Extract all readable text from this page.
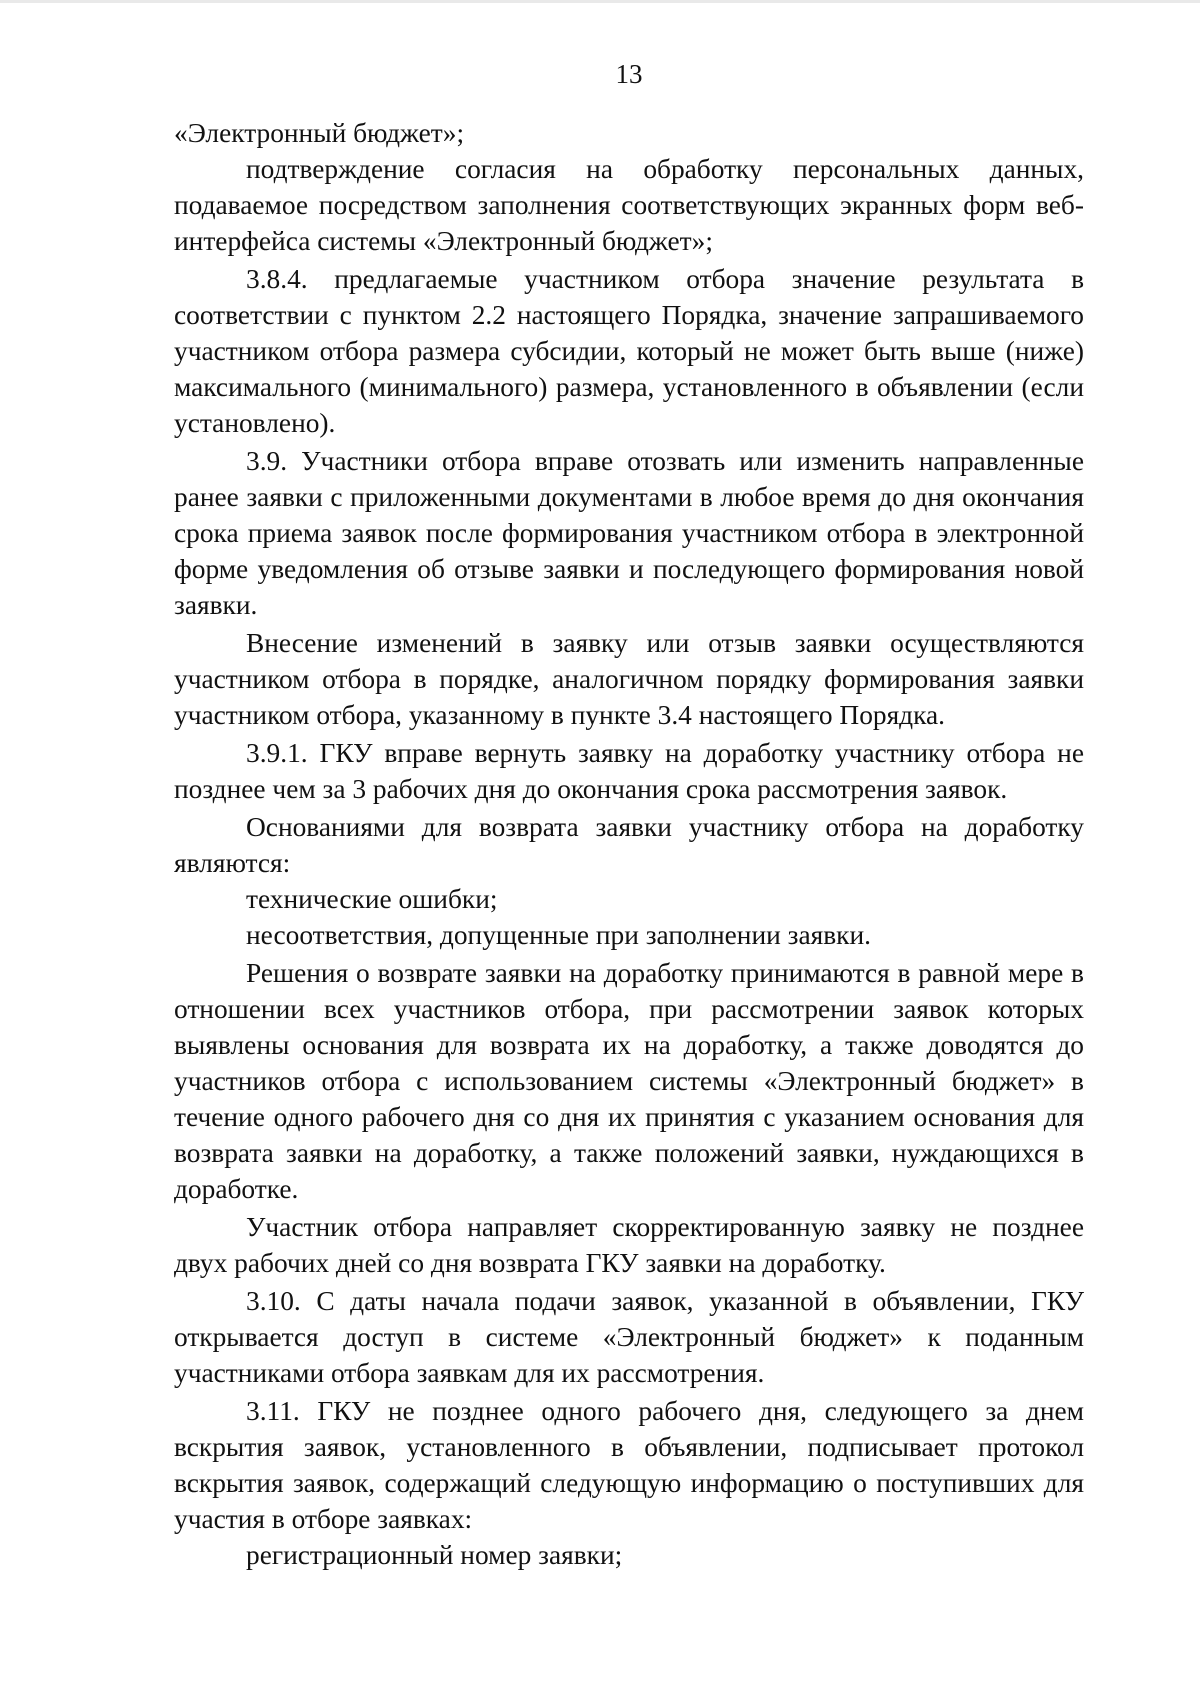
13

«Электронный бюджет»;

подтверждение согласия на обработку персональных данных, подаваемое посредством заполнения соответствующих экранных форм веб-интерфейса системы «Электронный бюджет»;

3.8.4. предлагаемые участником отбора значение результата в соответствии с пунктом 2.2 настоящего Порядка, значение запрашиваемого участником отбора размера субсидии, который не может быть выше (ниже) максимального (минимального) размера, установленного в объявлении (если установлено).

3.9. Участники отбора вправе отозвать или изменить направленные ранее заявки с приложенными документами в любое время до дня окончания срока приема заявок после формирования участником отбора в электронной форме уведомления об отзыве заявки и последующего формирования новой заявки.

Внесение изменений в заявку или отзыв заявки осуществляются участником отбора в порядке, аналогичном порядку формирования заявки участником отбора, указанному в пункте 3.4 настоящего Порядка.

3.9.1. ГКУ вправе вернуть заявку на доработку участнику отбора не позднее чем за 3 рабочих дня до окончания срока рассмотрения заявок.

Основаниями для возврата заявки участнику отбора на доработку являются:

технические ошибки;

несоответствия, допущенные при заполнении заявки.

Решения о возврате заявки на доработку принимаются в равной мере в отношении всех участников отбора, при рассмотрении заявок которых выявлены основания для возврата их на доработку, а также доводятся до участников отбора с использованием системы «Электронный бюджет» в течение одного рабочего дня со дня их принятия с указанием основания для возврата заявки на доработку, а также положений заявки, нуждающихся в доработке.

Участник отбора направляет скорректированную заявку не позднее двух рабочих дней со дня возврата ГКУ заявки на доработку.

3.10. С даты начала подачи заявок, указанной в объявлении, ГКУ открывается доступ в системе «Электронный бюджет» к поданным участниками отбора заявкам для их рассмотрения.

3.11. ГКУ не позднее одного рабочего дня, следующего за днем вскрытия заявок, установленного в объявлении, подписывает протокол вскрытия заявок, содержащий следующую информацию о поступивших для участия в отборе заявках:

регистрационный номер заявки;
